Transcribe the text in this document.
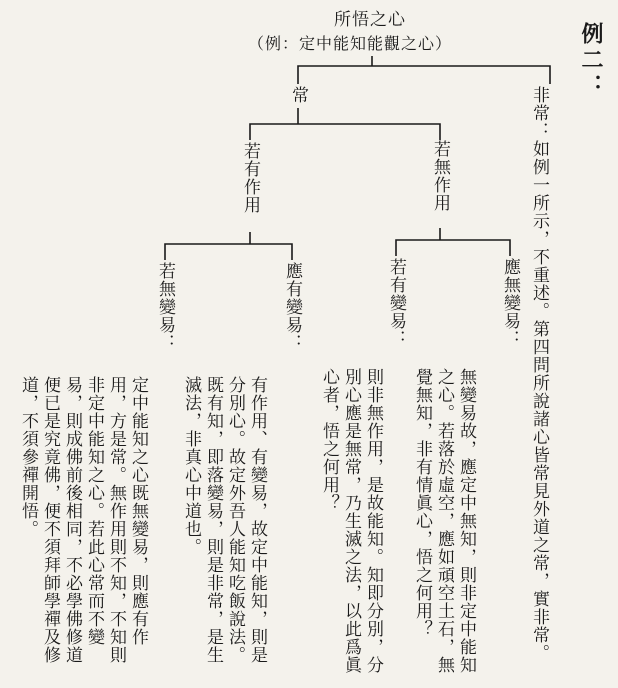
例二：
所悟之心
（例：定中能知能觀之心）
常	非常：如例一所示，不重述。第四問所說諸心皆常見外道之常，實非常。
若有作用	若無作用
若無變易：
定中能知之心既無變易，則應有作用，方是常。無作用則不知，不知則非定中能知之心。若此心常而不變易，則成佛前後相同，不必學佛修道便已是究竟佛，便不須拜師學禪及修道，不須參禪開悟。
應有變易：
有作用、有變易，故定中能知，則是分別心。故定外吾人能知吃飯說法。既有知，即落變易，則是非常，是生滅法，非真心中道也。
若有變易：
則非無作用，是故能知。知即分別，分別心應是無常，乃生滅之法，以此爲眞心者，悟之何用？
應無變易：
無變易故，應定中無知，則非定中能知之心。若落於虛空，應如頑空土石，無覺無知，非有情眞心，悟之何用？
